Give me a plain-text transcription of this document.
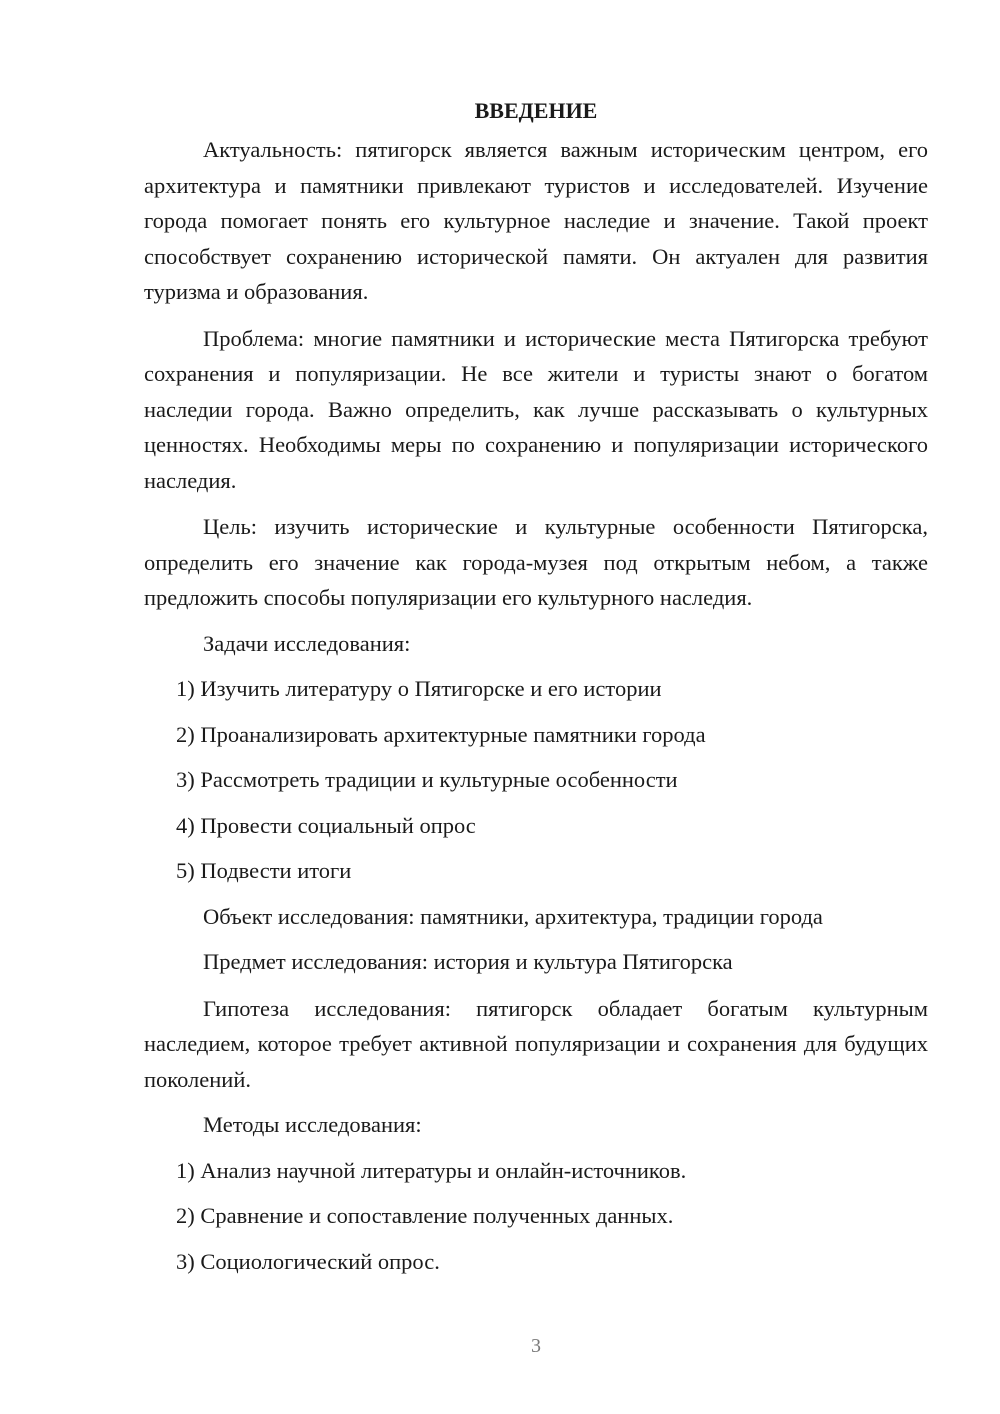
ВВЕДЕНИЕ

Актуальность: пятигорск является важным историческим центром, его архитектура и памятники привлекают туристов и исследователей. Изучение города помогает понять его культурное наследие и значение. Такой проект способствует сохранению исторической памяти. Он актуален для развития туризма и образования.

Проблема: многие памятники и исторические места Пятигорска требуют сохранения и популяризации. Не все жители и туристы знают о богатом наследии города. Важно определить, как лучше рассказывать о культурных ценностях. Необходимы меры по сохранению и популяризации исторического наследия.

Цель: изучить исторические и культурные особенности Пятигорска, определить его значение как города-музея под открытым небом, а также предложить способы популяризации его культурного наследия.

Задачи исследования:
1) Изучить литературу о Пятигорске и его истории
2) Проанализировать архитектурные памятники города
3) Рассмотреть традиции и культурные особенности
4) Провести социальный опрос
5) Подвести итоги
Объект исследования: памятники, архитектура, традиции города
Предмет исследования: история и культура Пятигорска

Гипотеза исследования: пятигорск обладает богатым культурным наследием, которое требует активной популяризации и сохранения для будущих поколений.

Методы исследования:
1) Анализ научной литературы и онлайн-источников.
2) Сравнение и сопоставление полученных данных.
3) Социологический опрос.
3
